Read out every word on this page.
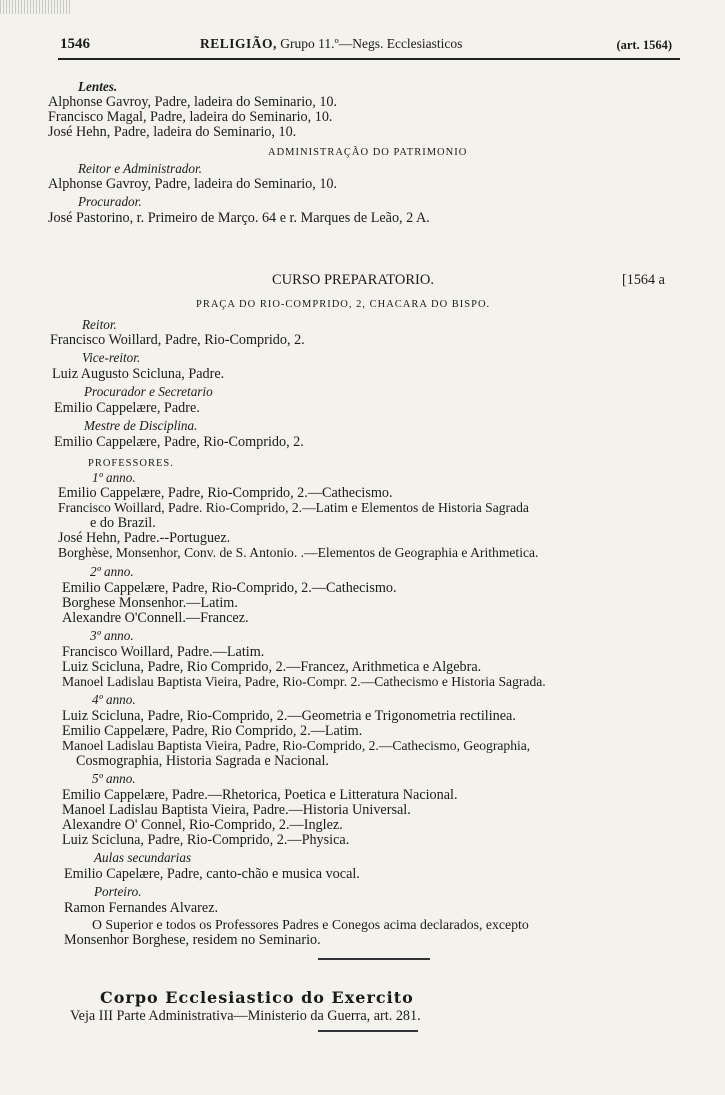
1546	RELIGIÃO, Grupo 11.º—Negs. Ecclesiasticos	(art. 1564)
Lentes.
Alphonse Gavroy, Padre, ladeira do Seminario, 10.
Francisco Magal, Padre, ladeira do Seminario, 10.
José Hehn, Padre, ladeira do Seminario, 10.
ADMINISTRAÇÃO DO PATRIMONIO
Reitor e Administrador.
Alphonse Gavroy, Padre, ladeira do Seminario, 10.
Procurador.
José Pastorino, r. Primeiro de Março. 64 e r. Marques de Leão, 2 A.
CURSO PREPARATORIO.	[1564 a
PRAÇA DO RIO-COMPRIDO, 2, CHACARA DO BISPO.
Reitor.
Francisco Woillard, Padre, Rio-Comprido, 2.
Vice-reitor.
Luiz Augusto Scicluna, Padre.
Procurador e Secretario
Emilio Cappelære, Padre.
Mestre de Disciplina.
Emilio Cappelære, Padre, Rio-Comprido, 2.
PROFESSORES.
1º anno.
Emilio Cappelære, Padre, Rio-Comprido, 2.—Cathecismo.
Francisco Woillard, Padre. Rio-Comprido, 2.—Latim e Elementos de Historia Sagrada
e do Brazil.
José Hehn, Padre.--Portuguez.
Borghèse, Monsenhor, Conv. de S. Antonio. .—Elementos de Geographia e Arithmetica.
2º anno.
Emilio Cappelære, Padre, Rio-Comprido, 2.—Cathecismo.
Borghese Monsenhor.—Latim.
Alexandre O'Connell.—Francez.
3º anno.
Francisco Woillard, Padre.—Latim.
Luiz Scicluna, Padre, Rio Comprido, 2.—Francez, Arithmetica e Algebra.
Manoel Ladislau Baptista Vieira, Padre, Rio-Compr. 2.—Cathecismo e Historia Sagrada.
4º anno.
Luiz Scicluna, Padre, Rio-Comprido, 2.—Geometria e Trigonometria rectilinea.
Emilio Cappelære, Padre, Rio Comprido, 2.—Latim.
Manoel Ladislau Baptista Vieira, Padre, Rio-Comprido, 2.—Cathecismo, Geographia,
Cosmographia, Historia Sagrada e Nacional.
5º anno.
Emilio Cappelære, Padre.—Rhetorica, Poetica e Litteratura Nacional.
Manoel Ladislau Baptista Vieira, Padre.—Historia Universal.
Alexandre O' Connel, Rio-Comprido, 2.—Inglez.
Luiz Scicluna, Padre, Rio-Comprido, 2.—Physica.
Aulas secundarias
Emilio Capelære, Padre, canto-chão e musica vocal.
Porteiro.
Ramon Fernandes Alvarez.
O Superior e todos os Professores Padres e Conegos acima declarados, excepto
Monsenhor Borghese, residem no Seminario.
Corpo Ecclesiastico do Exercito
Veja III Parte Administrativa—Ministerio da Guerra, art. 281.
